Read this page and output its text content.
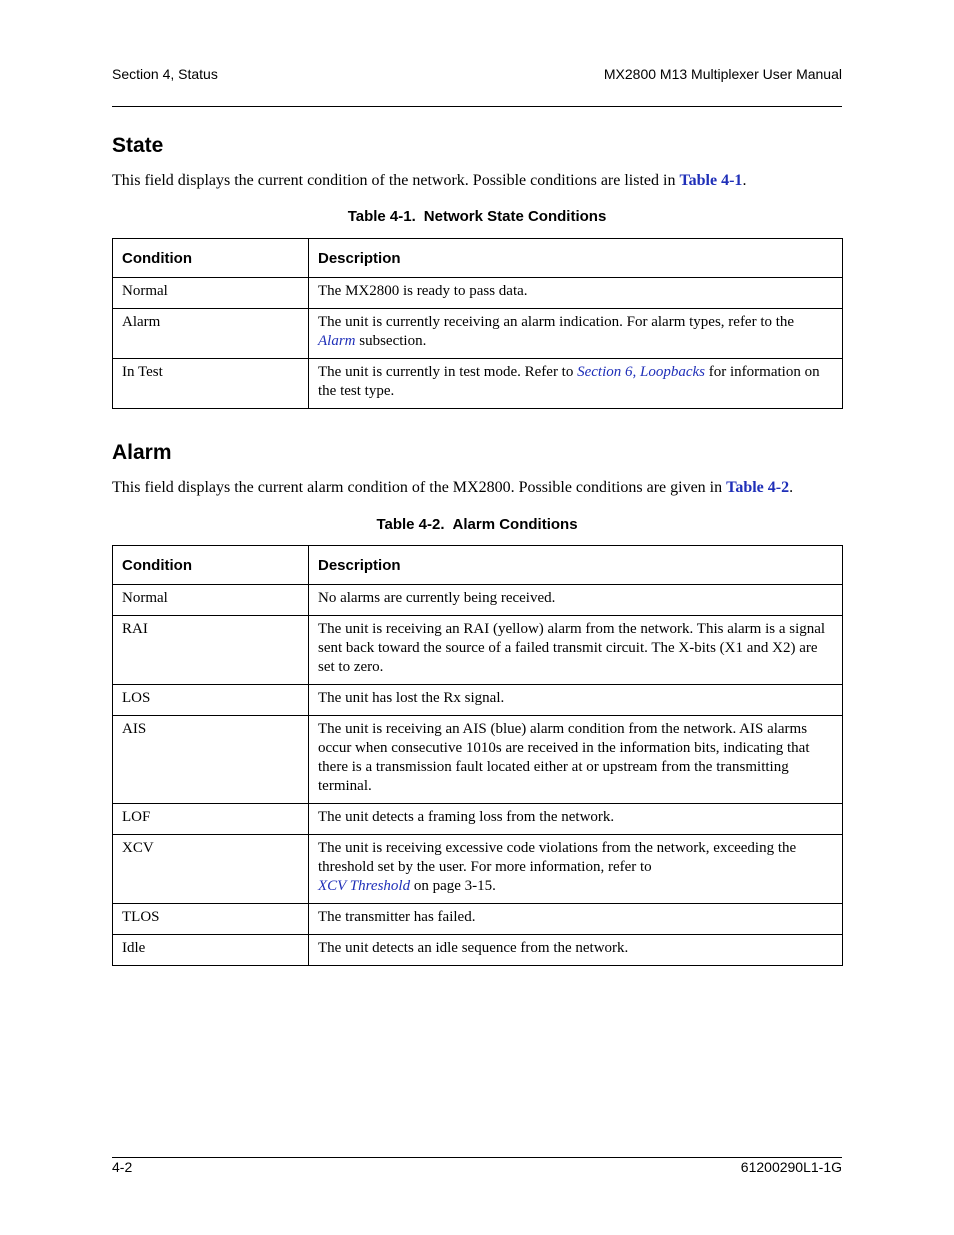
Section 4, Status	MX2800 M13 Multiplexer User Manual
State

This field displays the current condition of the network. Possible conditions are listed in Table 4-1.

Table 4-1. Network State Conditions
Condition	Description
Normal	The MX2800 is ready to pass data.
Alarm	The unit is currently receiving an alarm indication. For alarm types, refer to the Alarm subsection.
In Test	The unit is currently in test mode. Refer to Section 6, Loopbacks for information on the test type.
Alarm

This field displays the current alarm condition of the MX2800. Possible conditions are given in Table 4-2.

Table 4-2. Alarm Conditions
Condition	Description
Normal	No alarms are currently being received.
RAI	The unit is receiving an RAI (yellow) alarm from the network. This alarm is a signal sent back toward the source of a failed transmit circuit. The X-bits (X1 and X2) are set to zero.
LOS	The unit has lost the Rx signal.
AIS	The unit is receiving an AIS (blue) alarm condition from the network. AIS alarms occur when consecutive 1010s are received in the information bits, indicating that there is a transmission fault located either at or upstream from the transmitting terminal.
LOF	The unit detects a framing loss from the network.
XCV	The unit is receiving excessive code violations from the network, exceeding the threshold set by the user. For more information, refer to
XCV Threshold on page 3-15.
TLOS	The transmitter has failed.
Idle	The unit detects an idle sequence from the network.
4-2	61200290L1-1G
